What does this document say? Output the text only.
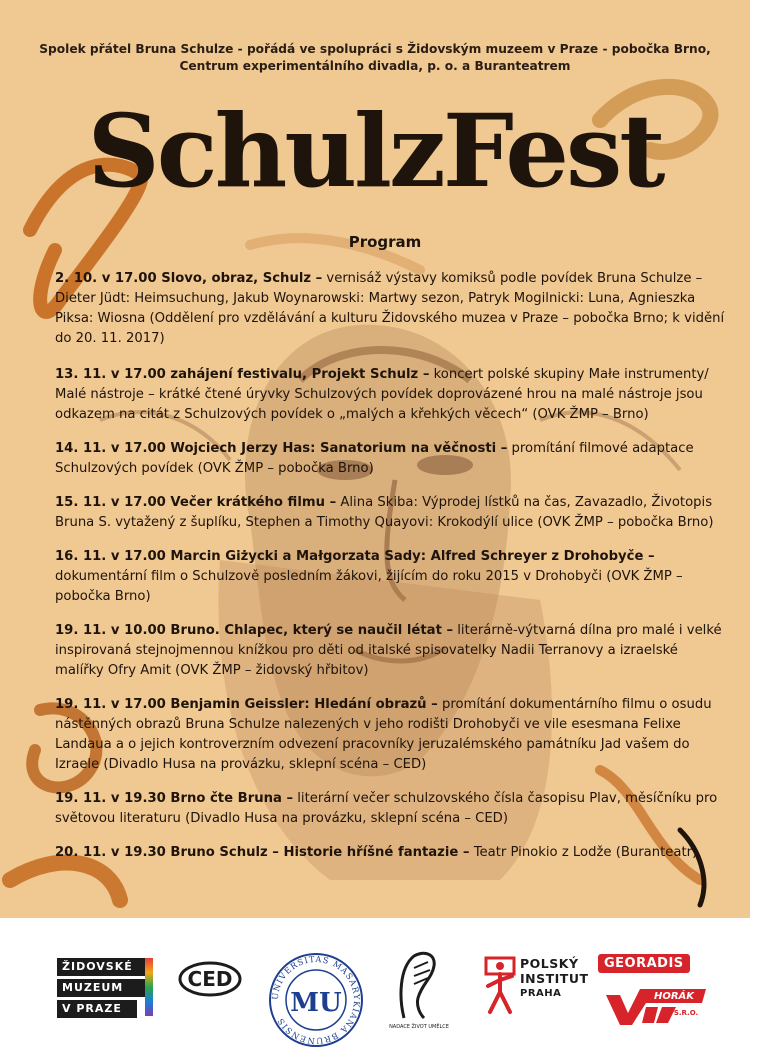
Spolek přátel Bruna Schulze - pořádá ve spolupráci s Židovským muzeem v Praze - pobočka Brno,
Centrum experimentálního divadla, p. o. a Buranteatrem
SchulzFest
Program

2. 10. v 17.00 Slovo, obraz, Schulz – vernisáž výstavy komiksů podle povídek Bruna Schulze – Dieter Jüdt: Heimsuchung, Jakub Woynarowski: Martwy sezon, Patryk Mogilnicki: Luna, Agnieszka Piksa: Wiosna (Oddělení pro vzdělávání a kulturu Židovského muzea v Praze – pobočka Brno; k vidění do 20. 11. 2017)

13. 11. v 17.00 zahájení festivalu, Projekt Schulz – koncert polské skupiny Małe instrumenty/ Malé nástroje – krátké čtené úryvky Schulzových povídek doprovázené hrou na malé nástroje jsou odkazem na citát z Schulzových povídek o „malých a křehkých věcech“ (OVK ŽMP – Brno)

14. 11. v 17.00 Wojciech Jerzy Has: Sanatorium na věčnosti – promítání filmové adaptace Schulzových povídek (OVK ŽMP – pobočka Brno)

15. 11. v 17.00 Večer krátkého filmu – Alina Skiba: Výprodej lístků na čas, Zavazadlo, Životopis Bruna S. vytažený z šuplíku, Stephen a Timothy Quayovi: Krokodýlí ulice (OVK ŽMP – pobočka Brno)

16. 11. v 17.00 Marcin Giżycki a Małgorzata Sady: Alfred Schreyer z Drohobyče – dokumentární film o Schulzově posledním žákovi, žijícím do roku 2015 v Drohobyči (OVK ŽMP – pobočka Brno)

19. 11. v 10.00 Bruno. Chlapec, který se naučil létat – literárně-výtvarná dílna pro malé i velké inspirovaná stejnojmennou knížkou pro děti od italské spisovatelky Nadii Terranovy a izraelské malířky Ofry Amit (OVK ŽMP – židovský hřbitov)

19. 11. v 17.00 Benjamin Geissler: Hledání obrazů – promítání dokumentárního filmu o osudu nástěnných obrazů Bruna Schulze nalezených v jeho rodišti Drohobyči ve vile esesmana Felixe Landaua a o jejich kontroverzním odvezení pracovníky jeruzalémského památníku Jad vašem do Izraele (Divadlo Husa na provázku, sklepní scéna – CED)

19. 11. v 19.30 Brno čte Bruna – literární večer schulzovského čísla časopisu Plav, měsíčníku pro světovou literaturu (Divadlo Husa na provázku, sklepní scéna – CED)

20. 11. v 19.30 Bruno Schulz – Historie hříšné fantazie – Teatr Pinokio z Lodže (Buranteatr)

ŽIDOVSKÉ
MUZEUM
V PRAZE
CED
UNIVERSITAS MASARYKIANA BRUNENSIS
MU
NADACE ŽIVOT UMĚLCE
POLSKÝ
INSTITUT
PRAHA
GEORADIS
HORÁK
S.R.O.
